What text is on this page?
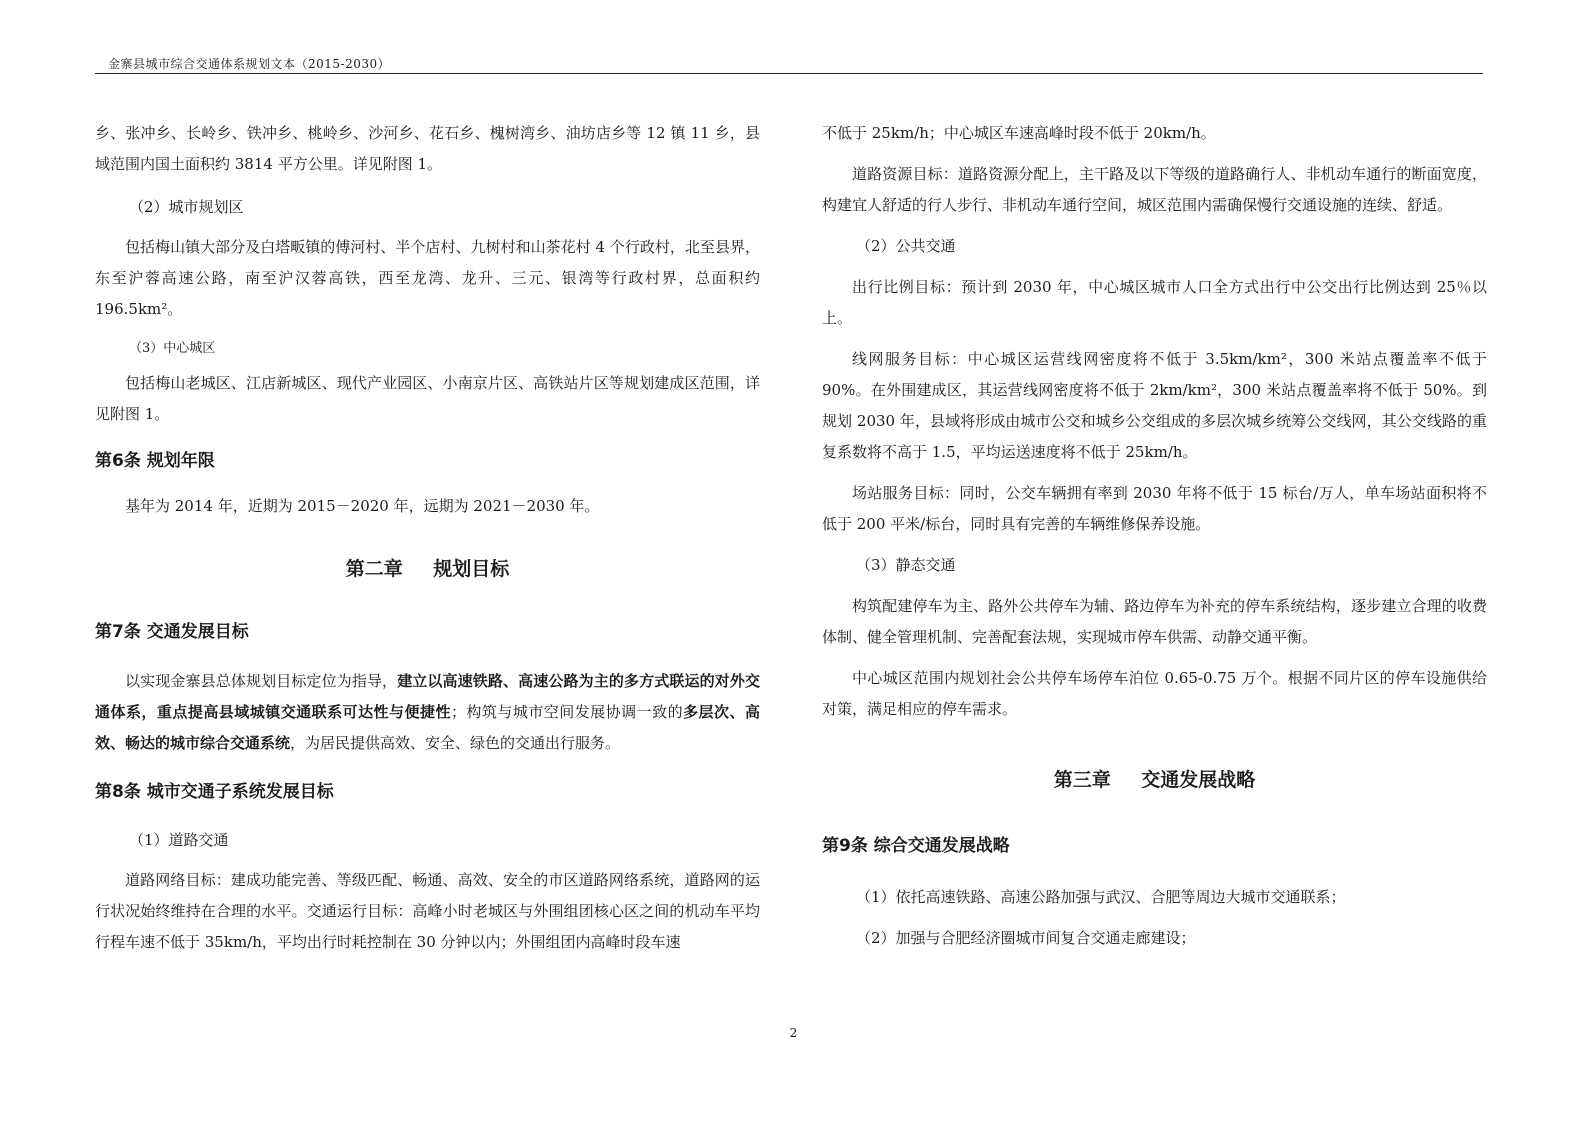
金寨县城市综合交通体系规划文本（2015-2030）

乡、张冲乡、长岭乡、铁冲乡、桃岭乡、沙河乡、花石乡、槐树湾乡、油坊店乡等 12 镇 11 乡，县域范围内国土面积约 3814 平方公里。详见附图 1。

（2）城市规划区

包括梅山镇大部分及白塔畈镇的傅河村、半个店村、九树村和山茶花村 4 个行政村，北至县界，东至沪蓉高速公路，南至沪汉蓉高铁，西至龙湾、龙升、三元、银湾等行政村界，总面积约 196.5km²。

（3）中心城区

包括梅山老城区、江店新城区、现代产业园区、小南京片区、高铁站片区等规划建成区范围，详见附图 1。

第6条 规划年限

基年为 2014 年，近期为 2015－2020 年，远期为 2021－2030 年。

第二章 规划目标

第7条 交通发展目标

以实现金寨县总体规划目标定位为指导，建立以高速铁路、高速公路为主的多方式联运的对外交通体系，重点提高县域城镇交通联系可达性与便捷性；构筑与城市空间发展协调一致的多层次、高效、畅达的城市综合交通系统，为居民提供高效、安全、绿色的交通出行服务。

第8条 城市交通子系统发展目标

（1）道路交通

道路网络目标：建成功能完善、等级匹配、畅通、高效、安全的市区道路网络系统，道路网的运行状况始终维持在合理的水平。交通运行目标：高峰小时老城区与外围组团核心区之间的机动车平均行程车速不低于 35km/h，平均出行时耗控制在 30 分钟以内；外围组团内高峰时段车速

不低于 25km/h；中心城区车速高峰时段不低于 20km/h。

道路资源目标：道路资源分配上，主干路及以下等级的道路确行人、非机动车通行的断面宽度，构建宜人舒适的行人步行、非机动车通行空间，城区范围内需确保慢行交通设施的连续、舒适。

（2）公共交通

出行比例目标：预计到 2030 年，中心城区城市人口全方式出行中公交出行比例达到 25％以上。

线网服务目标：中心城区运营线网密度将不低于 3.5km/km²，300 米站点覆盖率不低于 90%。在外围建成区，其运营线网密度将不低于 2km/km²，300 米站点覆盖率将不低于 50%。到规划 2030 年，县域将形成由城市公交和城乡公交组成的多层次城乡统筹公交线网，其公交线路的重复系数将不高于 1.5，平均运送速度将不低于 25km/h。

场站服务目标：同时，公交车辆拥有率到 2030 年将不低于 15 标台/万人，单车场站面积将不低于 200 平米/标台，同时具有完善的车辆维修保养设施。

（3）静态交通

构筑配建停车为主、路外公共停车为辅、路边停车为补充的停车系统结构，逐步建立合理的收费体制、健全管理机制、完善配套法规，实现城市停车供需、动静交通平衡。

中心城区范围内规划社会公共停车场停车泊位 0.65-0.75 万个。根据不同片区的停车设施供给对策，满足相应的停车需求。

第三章 交通发展战略

第9条 综合交通发展战略

（1）依托高速铁路、高速公路加强与武汉、合肥等周边大城市交通联系；

（2）加强与合肥经济圈城市间复合交通走廊建设；

2
